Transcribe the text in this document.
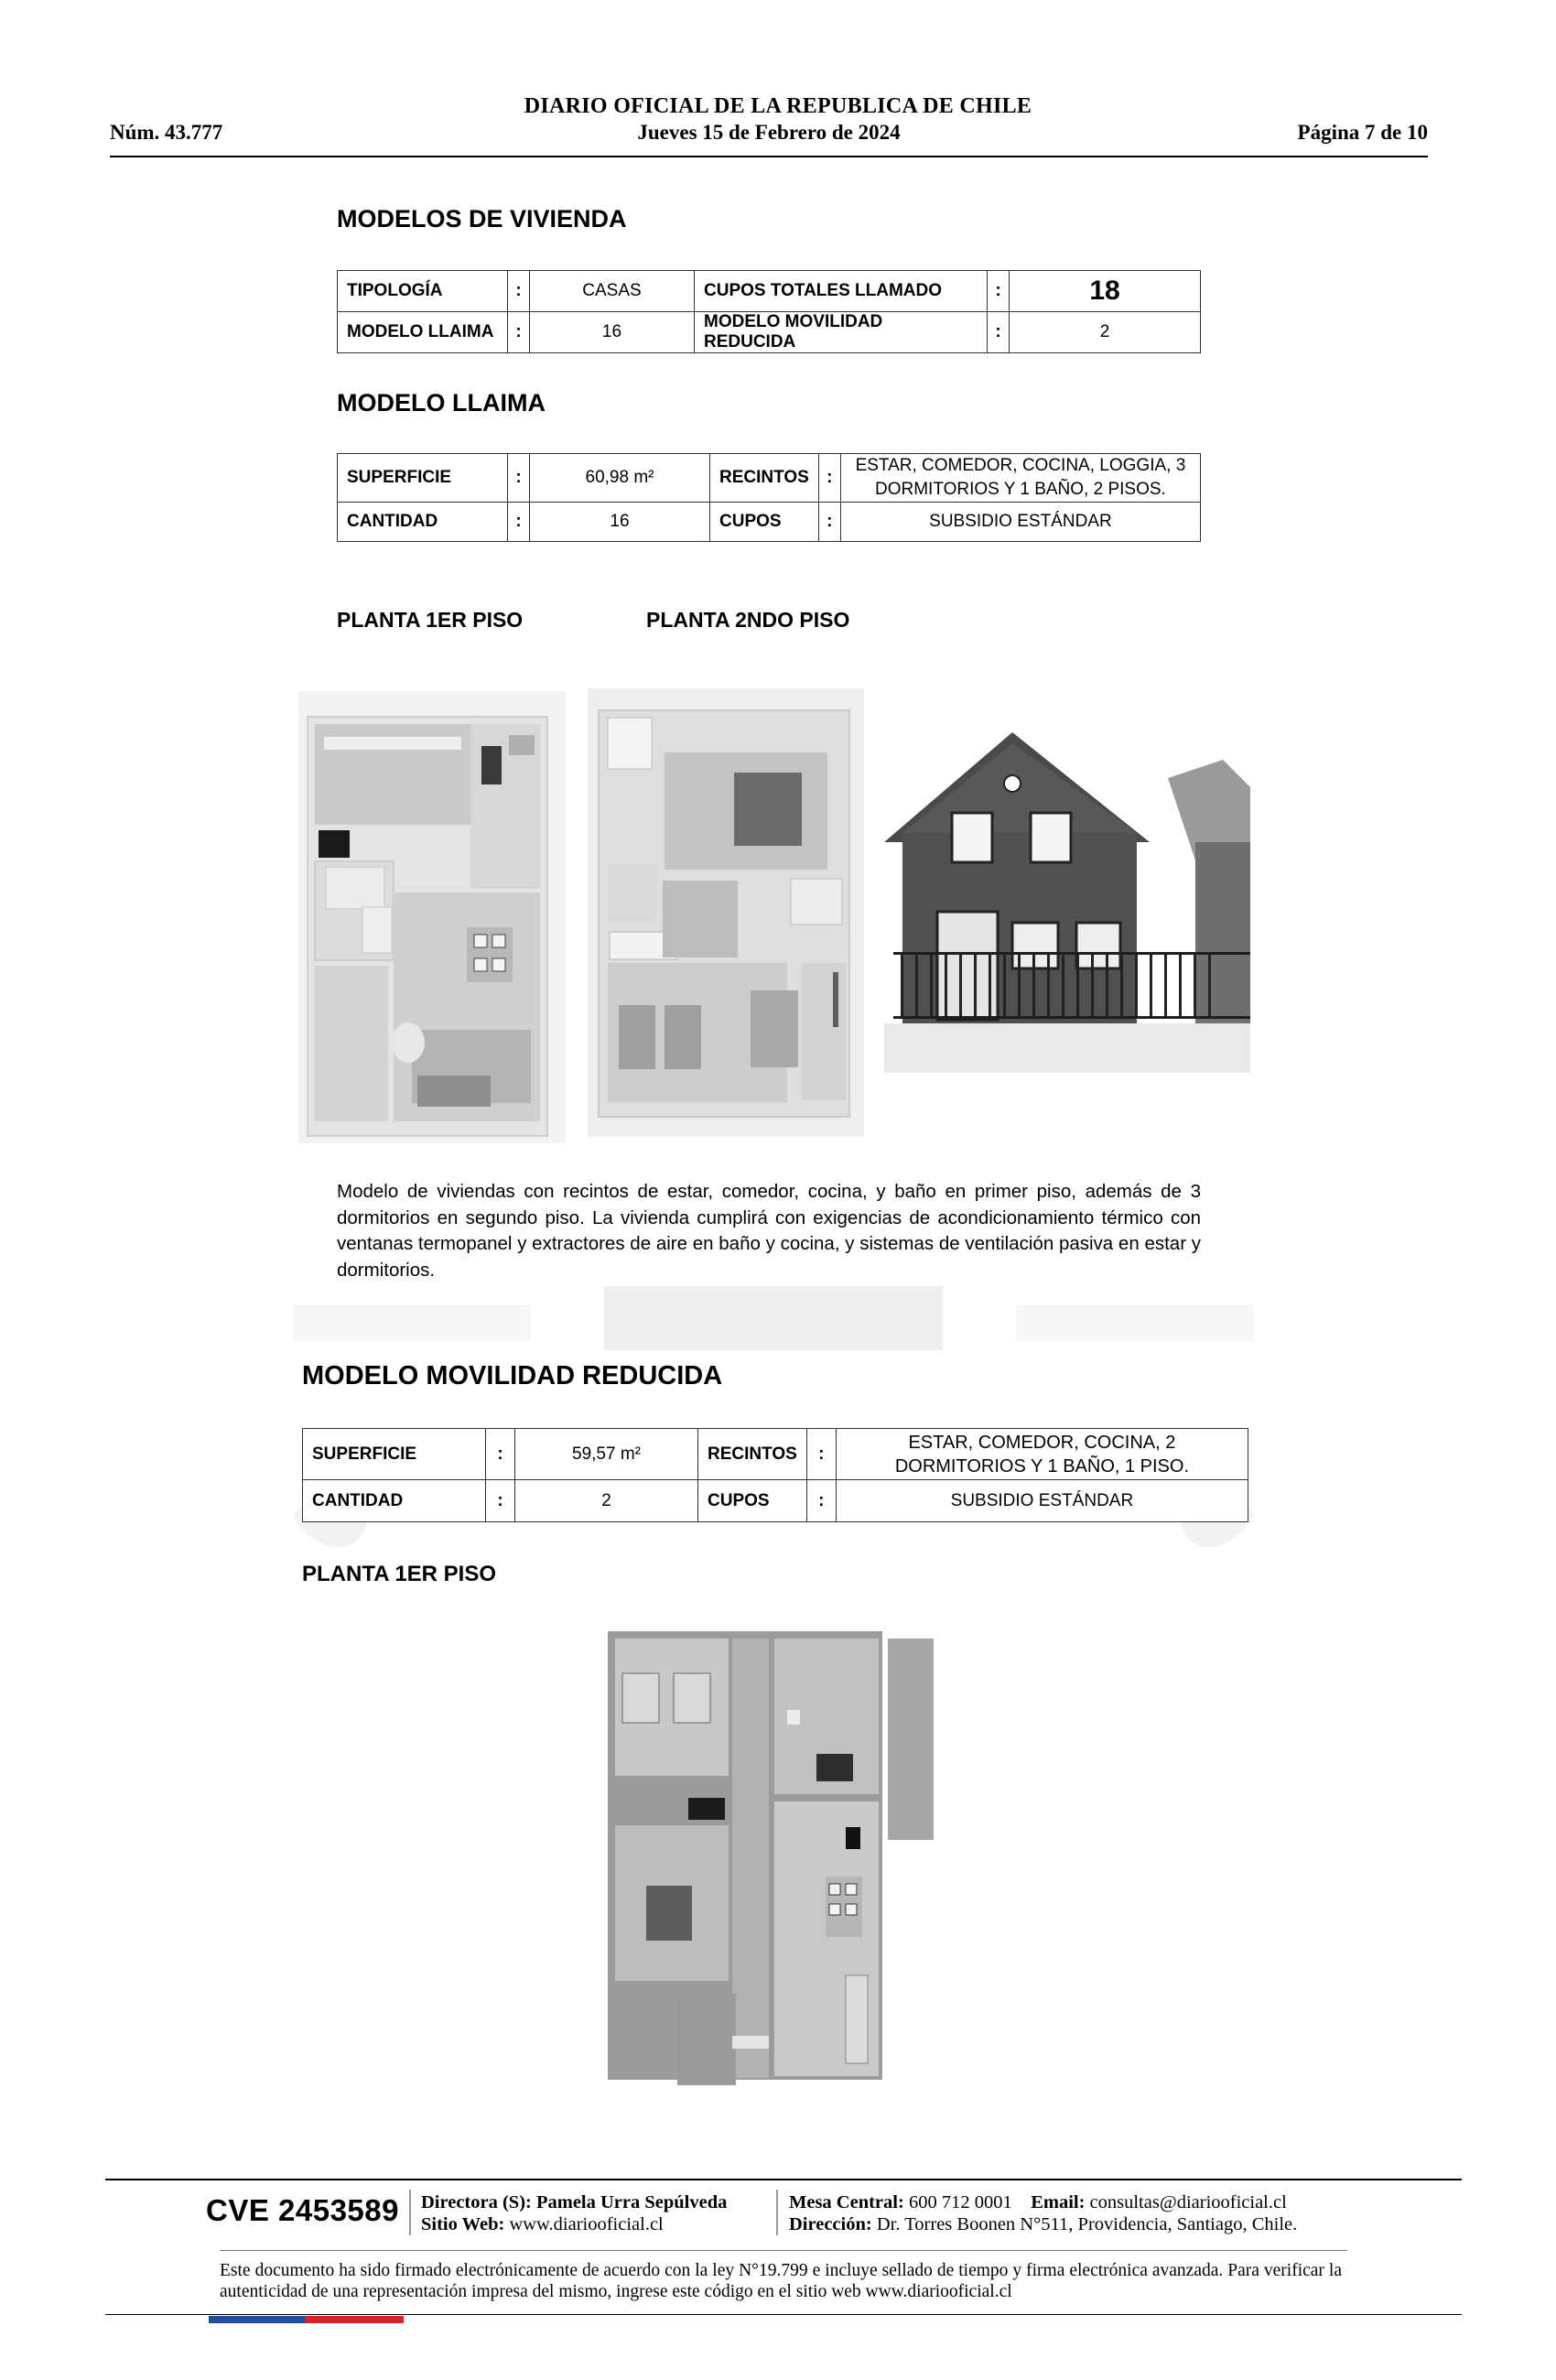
DIARIO OFICIAL DE LA REPUBLICA DE CHILE
Núm. 43.777	Jueves 15 de Febrero de 2024	Página 7 de 10
MODELOS DE VIVIENDA
TIPOLOGÍA	:	CASAS	CUPOS TOTALES LLAMADO	:	18
MODELO LLAIMA	:	16	MODELO MOVILIDAD REDUCIDA	:	2
MODELO LLAIMA
SUPERFICIE	:	60,98 m²	RECINTOS	:	ESTAR, COMEDOR, COCINA, LOGGIA, 3
DORMITORIOS Y 1 BAÑO, 2 PISOS.

CANTIDAD	:	16	CUPOS	:	SUBSIDIO ESTÁNDAR
PLANTA 1ER PISO	PLANTA 2NDO PISO
Modelo de viviendas con recintos de estar, comedor, cocina, y baño en primer piso, además de 3 dormitorios en segundo piso. La vivienda cumplirá con exigencias de acondicionamiento térmico con ventanas termopanel y extractores de aire en baño y cocina, y sistemas de ventilación pasiva en estar y dormitorios.
MODELO MOVILIDAD REDUCIDA
SUPERFICIE	:	59,57 m²	RECINTOS	:	ESTAR, COMEDOR, COCINA, 2
DORMITORIOS Y 1 BAÑO, 1 PISO.

CANTIDAD	:	2	CUPOS	:	SUBSIDIO ESTÁNDAR
PLANTA 1ER PISO
CVE 2453589 Directora (S): Pamela Urra Sepúlveda
Sitio Web: www.diariooficial.cl
Mesa Central: 600 712 0001 Email: consultas@diariooficial.cl
Dirección: Dr. Torres Boonen N°511, Providencia, Santiago, Chile.
Este documento ha sido firmado electrónicamente de acuerdo con la ley N°19.799 e incluye sellado de tiempo y firma electrónica avanzada. Para verificar la autenticidad de una representación impresa del mismo, ingrese este código en el sitio web www.diariooficial.cl
